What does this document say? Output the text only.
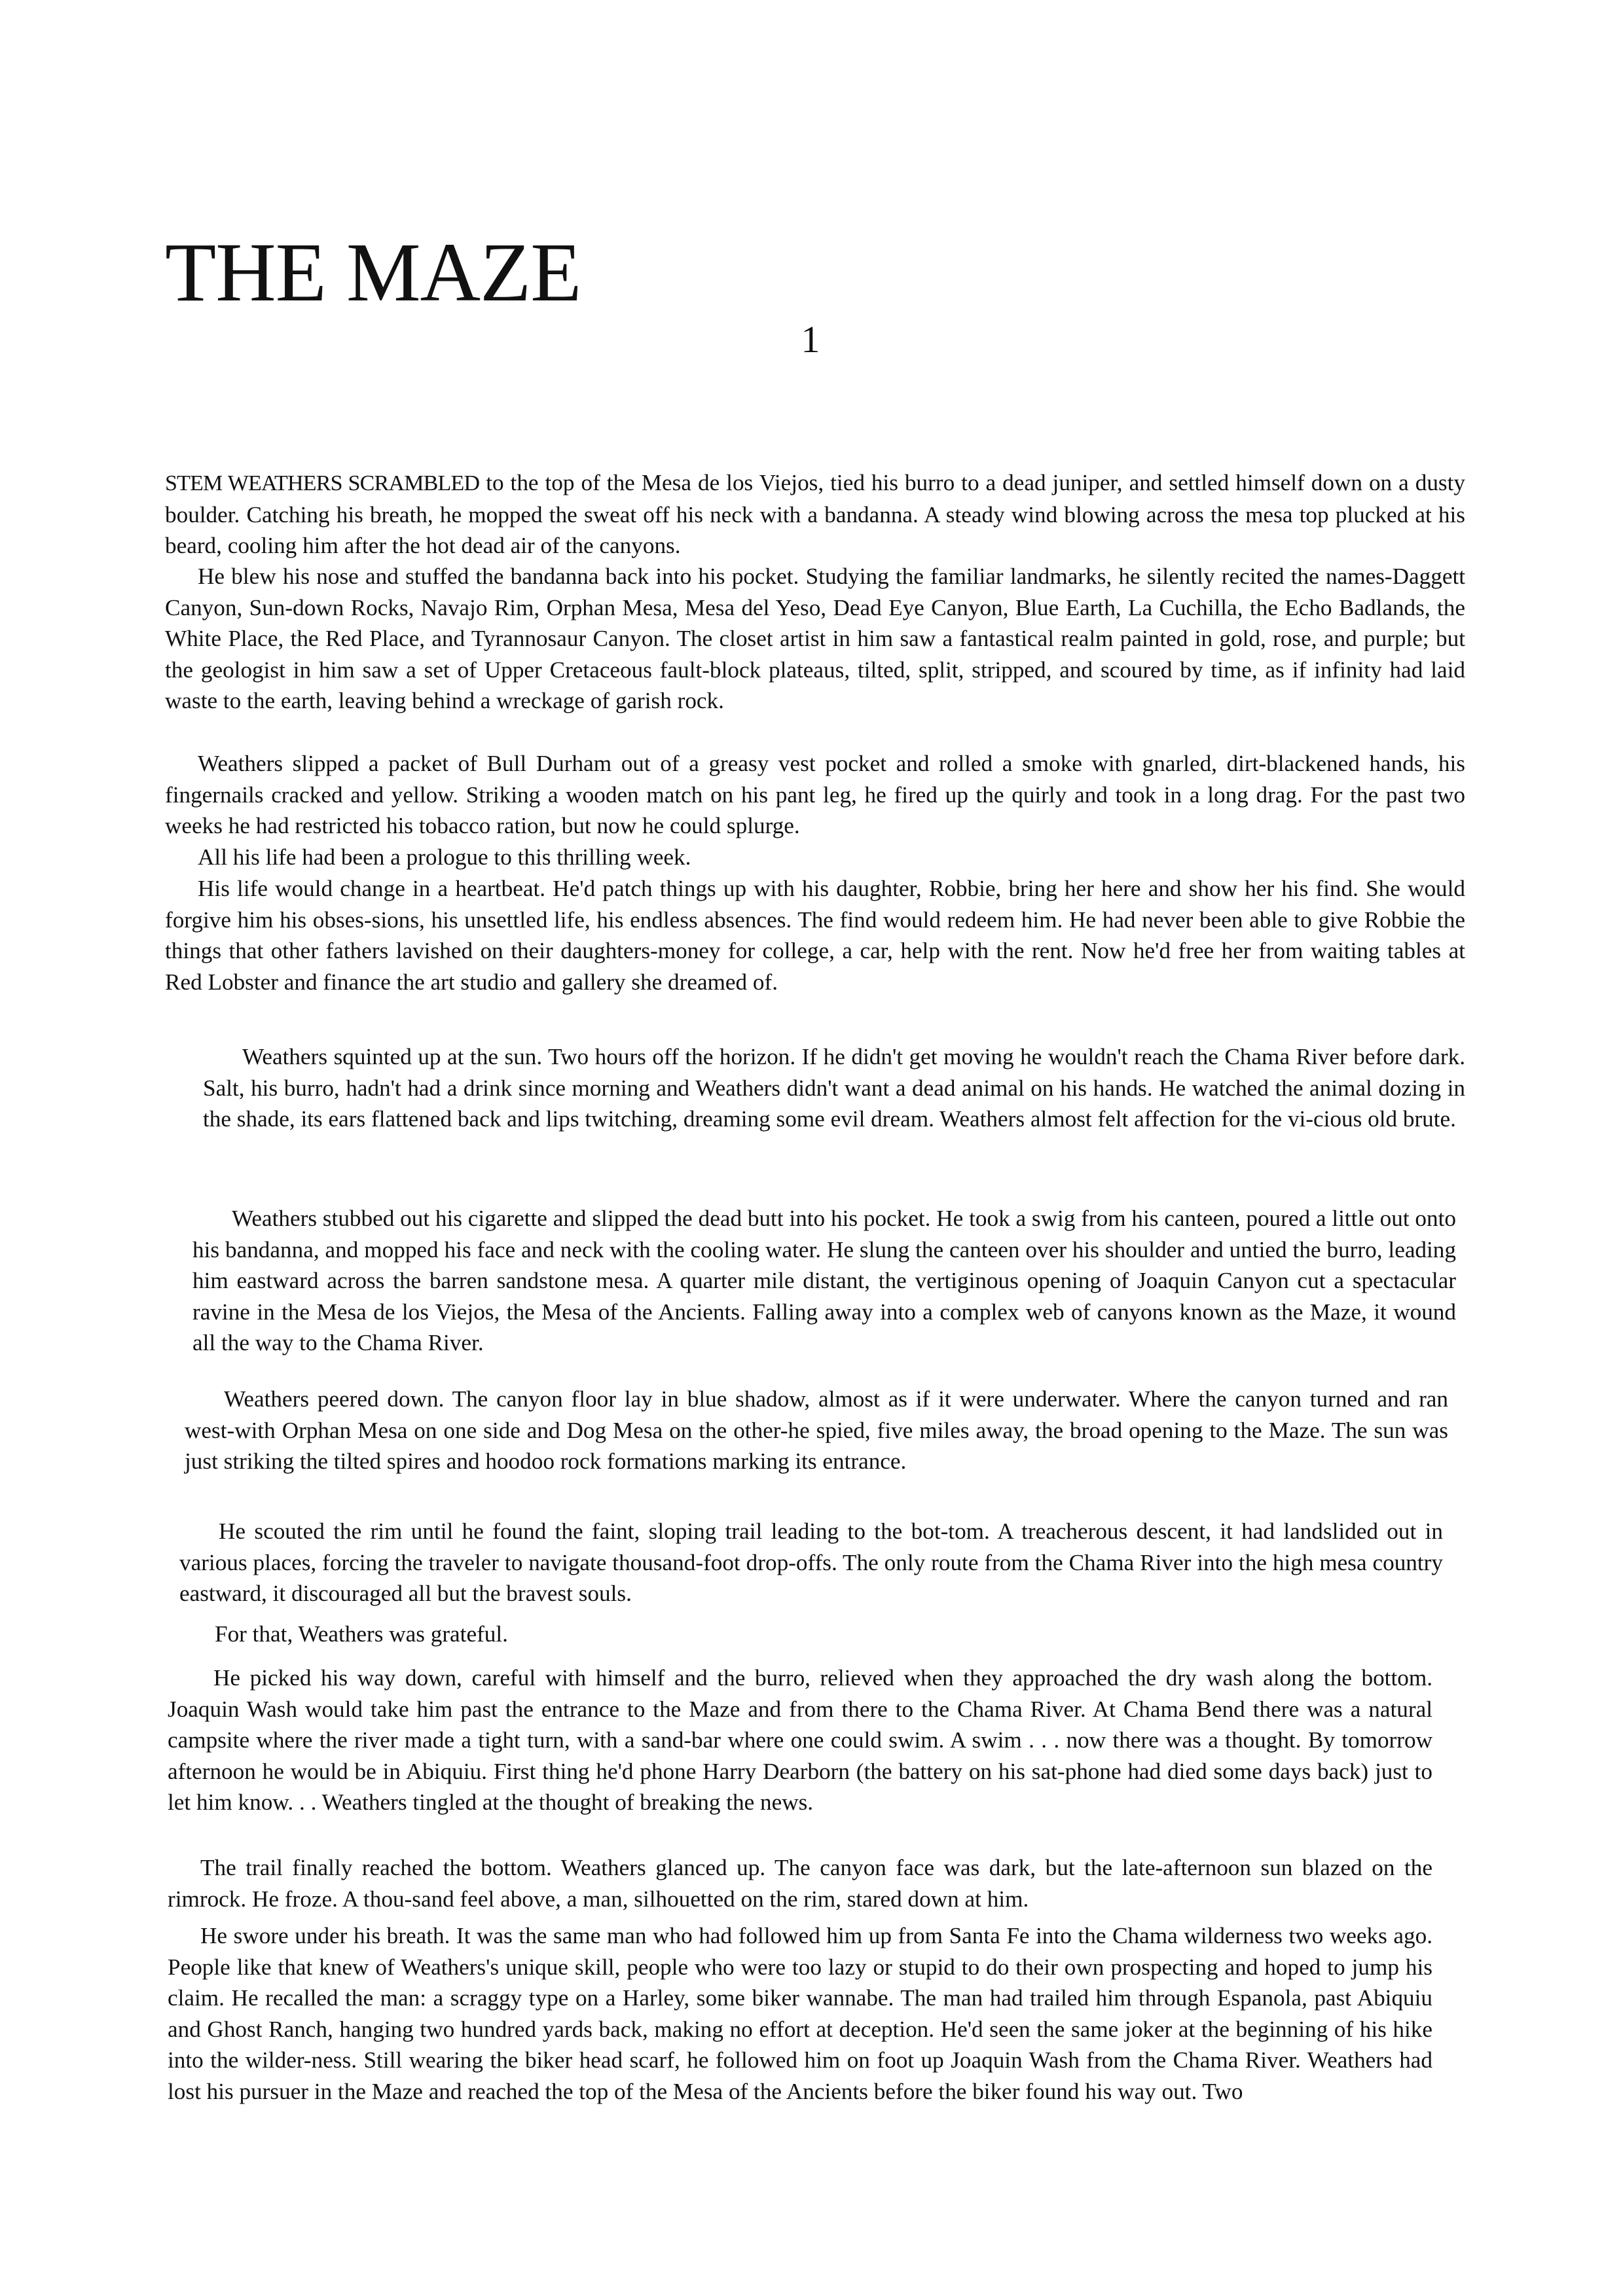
THE MAZE
1

STEM WEATHERS SCRAMBLED to the top of the Mesa de los Viejos, tied his burro to a dead juniper, and settled himself down on a dusty boulder. Catching his breath, he mopped the sweat off his neck with a bandanna. A steady wind blowing across the mesa top plucked at his beard, cooling him after the hot dead air of the canyons.

He blew his nose and stuffed the bandanna back into his pocket. Studying the familiar landmarks, he silently recited the names-Daggett Canyon, Sun-down Rocks, Navajo Rim, Orphan Mesa, Mesa del Yeso, Dead Eye Canyon, Blue Earth, La Cuchilla, the Echo Badlands, the White Place, the Red Place, and Tyrannosaur Canyon. The closet artist in him saw a fantastical realm painted in gold, rose, and purple; but the geologist in him saw a set of Upper Cretaceous fault-block plateaus, tilted, split, stripped, and scoured by time, as if infinity had laid waste to the earth, leaving behind a wreckage of garish rock.

Weathers slipped a packet of Bull Durham out of a greasy vest pocket and rolled a smoke with gnarled, dirt-blackened hands, his fingernails cracked and yellow. Striking a wooden match on his pant leg, he fired up the quirly and took in a long drag. For the past two weeks he had restricted his tobacco ration, but now he could splurge.

All his life had been a prologue to this thrilling week.

His life would change in a heartbeat. He'd patch things up with his daughter, Robbie, bring her here and show her his find. She would forgive him his obses-sions, his unsettled life, his endless absences. The find would redeem him. He had never been able to give Robbie the things that other fathers lavished on their daughters-money for college, a car, help with the rent. Now he'd free her from waiting tables at Red Lobster and finance the art studio and gallery she dreamed of.

Weathers squinted up at the sun. Two hours off the horizon. If he didn't get moving he wouldn't reach the Chama River before dark. Salt, his burro, hadn't had a drink since morning and Weathers didn't want a dead animal on his hands. He watched the animal dozing in the shade, its ears flattened back and lips twitching, dreaming some evil dream. Weathers almost felt affection for the vi-cious old brute.

Weathers stubbed out his cigarette and slipped the dead butt into his pocket. He took a swig from his canteen, poured a little out onto his bandanna, and mopped his face and neck with the cooling water. He slung the canteen over his shoulder and untied the burro, leading him eastward across the barren sandstone mesa. A quarter mile distant, the vertiginous opening of Joaquin Canyon cut a spectacular ravine in the Mesa de los Viejos, the Mesa of the Ancients. Falling away into a complex web of canyons known as the Maze, it wound all the way to the Chama River.

Weathers peered down. The canyon floor lay in blue shadow, almost as if it were underwater. Where the canyon turned and ran west-with Orphan Mesa on one side and Dog Mesa on the other-he spied, five miles away, the broad opening to the Maze. The sun was just striking the tilted spires and hoodoo rock formations marking its entrance.

He scouted the rim until he found the faint, sloping trail leading to the bot-tom. A treacherous descent, it had landslided out in various places, forcing the traveler to navigate thousand-foot drop-offs. The only route from the Chama River into the high mesa country eastward, it discouraged all but the bravest souls.

For that, Weathers was grateful.

He picked his way down, careful with himself and the burro, relieved when they approached the dry wash along the bottom. Joaquin Wash would take him past the entrance to the Maze and from there to the Chama River. At Chama Bend there was a natural campsite where the river made a tight turn, with a sand-bar where one could swim. A swim . . . now there was a thought. By tomorrow afternoon he would be in Abiquiu. First thing he'd phone Harry Dearborn (the battery on his sat-phone had died some days back) just to let him know. . . Weathers tingled at the thought of breaking the news.

The trail finally reached the bottom. Weathers glanced up. The canyon face was dark, but the late-afternoon sun blazed on the rimrock. He froze. A thou-sand feel above, a man, silhouetted on the rim, stared down at him.

He swore under his breath. It was the same man who had followed him up from Santa Fe into the Chama wilderness two weeks ago. People like that knew of Weathers's unique skill, people who were too lazy or stupid to do their own prospecting and hoped to jump his claim. He recalled the man: a scraggy type on a Harley, some biker wannabe. The man had trailed him through Espanola, past Abiquiu and Ghost Ranch, hanging two hundred yards back, making no effort at deception. He'd seen the same joker at the beginning of his hike into the wilder-ness. Still wearing the biker head scarf, he followed him on foot up Joaquin Wash from the Chama River. Weathers had lost his pursuer in the Maze and reached the top of the Mesa of the Ancients before the biker found his way out. Two
